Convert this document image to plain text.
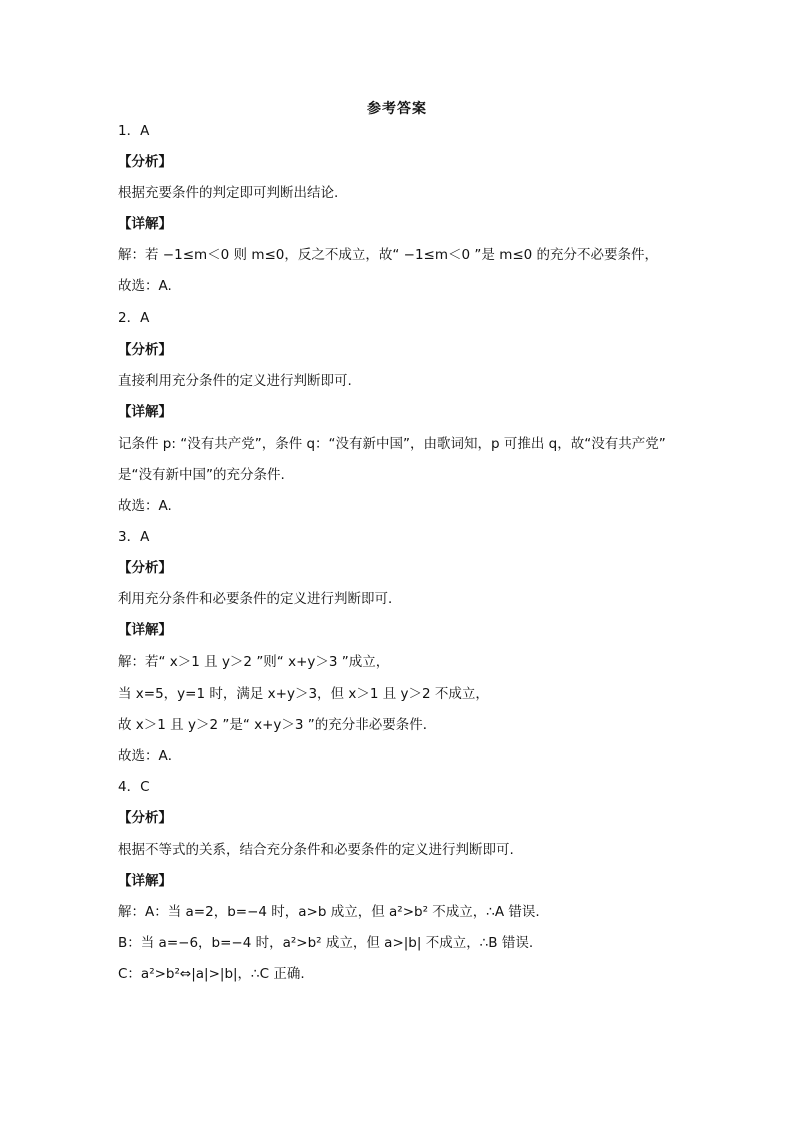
参考答案
1．A
【分析】
根据充要条件的判定即可判断出结论.
【详解】
解：若 −1≤m＜0 则 m≤0，反之不成立，故“ −1≤m＜0 ”是 m≤0 的充分不必要条件，
故选：A.
2．A
【分析】
直接利用充分条件的定义进行判断即可.
【详解】
记条件 p: “没有共产党”，条件 q：“没有新中国”，由歌词知，p 可推出 q，故“没有共产党”
是“没有新中国”的充分条件.
故选：A.
3．A
【分析】
利用充分条件和必要条件的定义进行判断即可．
【详解】
解：若“ x＞1 且 y＞2 ”则“ x+y＞3 ”成立，
当 x=5，y=1 时，满足 x+y＞3，但 x＞1 且 y＞2 不成立，
故 x＞1 且 y＞2 ”是“ x+y＞3 ”的充分非必要条件．
故选：A．
4．C
【分析】
根据不等式的关系，结合充分条件和必要条件的定义进行判断即可.
【详解】
解：A：当 a=2，b=−4 时，a>b 成立，但 a²>b² 不成立，∴A 错误.
B：当 a=−6，b=−4 时，a²>b² 成立，但 a>|b| 不成立，∴B 错误.
C：a²>b²⇔|a|>|b|，∴C 正确.
